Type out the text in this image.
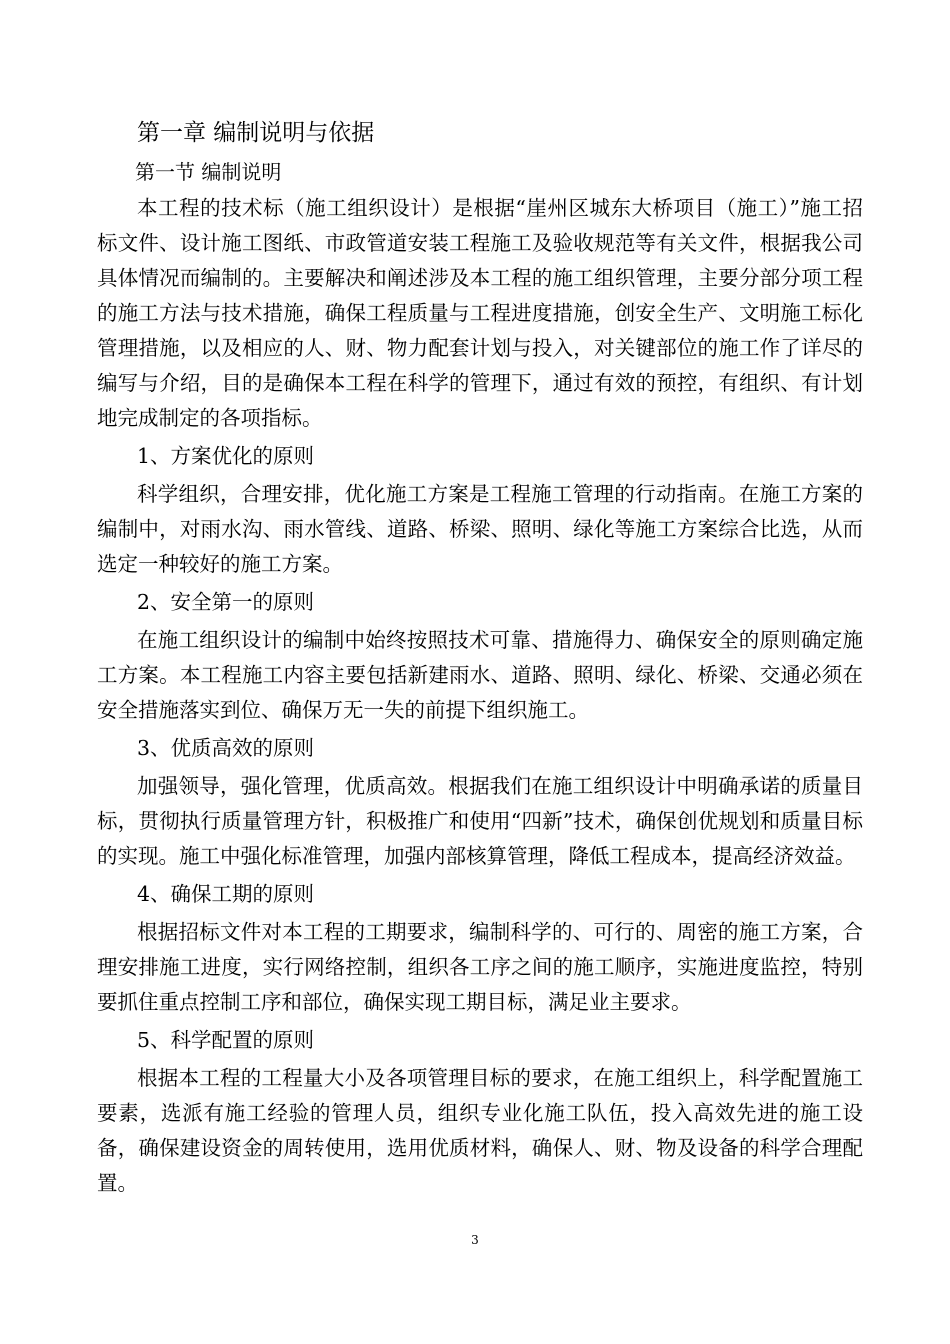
第一章 编制说明与依据
第一节 编制说明

本工程的技术标（施工组织设计）是根据“崖州区城东大桥项目（施工）”施工招标文件、设计施工图纸、市政管道安装工程施工及验收规范等有关文件，根据我公司具体情况而编制的。主要解决和阐述涉及本工程的施工组织管理，主要分部分项工程的施工方法与技术措施，确保工程质量与工程进度措施，创安全生产、文明施工标化管理措施，以及相应的人、财、物力配套计划与投入，对关键部位的施工作了详尽的编写与介绍，目的是确保本工程在科学的管理下，通过有效的预控，有组织、有计划地完成制定的各项指标。

1、方案优化的原则

科学组织，合理安排，优化施工方案是工程施工管理的行动指南。在施工方案的编制中，对雨水沟、雨水管线、道路、桥梁、照明、绿化等施工方案综合比选，从而选定一种较好的施工方案。

2、安全第一的原则

在施工组织设计的编制中始终按照技术可靠、措施得力、确保安全的原则确定施工方案。本工程施工内容主要包括新建雨水、道路、照明、绿化、桥梁、交通必须在安全措施落实到位、确保万无一失的前提下组织施工。

3、优质高效的原则

加强领导，强化管理，优质高效。根据我们在施工组织设计中明确承诺的质量目标，贯彻执行质量管理方针，积极推广和使用“四新”技术，确保创优规划和质量目标的实现。施工中强化标准管理，加强内部核算管理，降低工程成本，提高经济效益。

4、确保工期的原则

根据招标文件对本工程的工期要求，编制科学的、可行的、周密的施工方案，合理安排施工进度，实行网络控制，组织各工序之间的施工顺序，实施进度监控，特别要抓住重点控制工序和部位，确保实现工期目标，满足业主要求。

5、科学配置的原则

根据本工程的工程量大小及各项管理目标的要求，在施工组织上，科学配置施工要素，选派有施工经验的管理人员，组织专业化施工队伍，投入高效先进的施工设备，确保建设资金的周转使用，选用优质材料，确保人、财、物及设备的科学合理配置。

3
